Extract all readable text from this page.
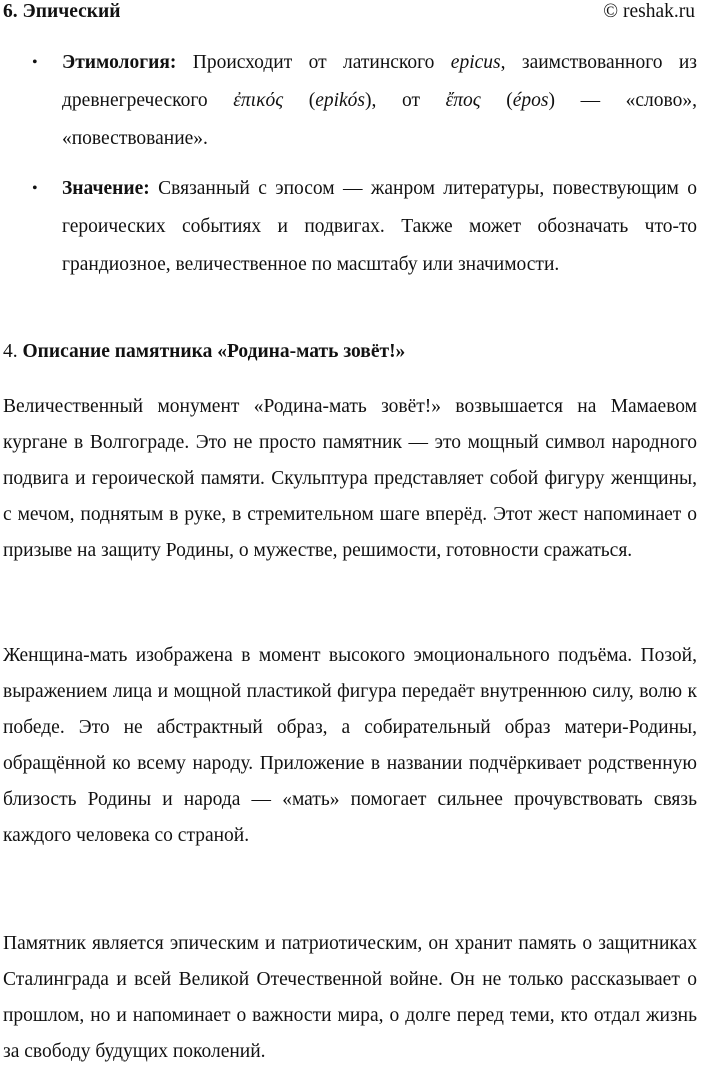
6. Эпический	© reshak.ru
• Этимология: Происходит от латинского epicus, заимствованного из древнегреческого ἐπικός (epikós), от ἔπος (épos) — «слово», «повествование».
• Значение: Связанный с эпосом — жанром литературы, повествующим о героических событиях и подвигах. Также может обозначать что-то грандиозное, величественное по масштабу или значимости.
4. Описание памятника «Родина-мать зовёт!»

Величественный монумент «Родина-мать зовёт!» возвышается на Мамаевом кургане в Волгограде. Это не просто памятник — это мощный символ народного подвига и героической памяти. Скульптура представляет собой фигуру женщины, с мечом, поднятым в руке, в стремительном шаге вперёд. Этот жест напоминает о призыве на защиту Родины, о мужестве, решимости, готовности сражаться.

Женщина-мать изображена в момент высокого эмоционального подъёма. Позой, выражением лица и мощной пластикой фигура передаёт внутреннюю силу, волю к победе. Это не абстрактный образ, а собирательный образ матери-Родины, обращённой ко всему народу. Приложение в названии подчёркивает родственную близость Родины и народа — «мать» помогает сильнее прочувствовать связь каждого человека со страной.

Памятник является эпическим и патриотическим, он хранит память о защитниках Сталинграда и всей Великой Отечественной войне. Он не только рассказывает о прошлом, но и напоминает о важности мира, о долге перед теми, кто отдал жизнь за свободу будущих поколений.
